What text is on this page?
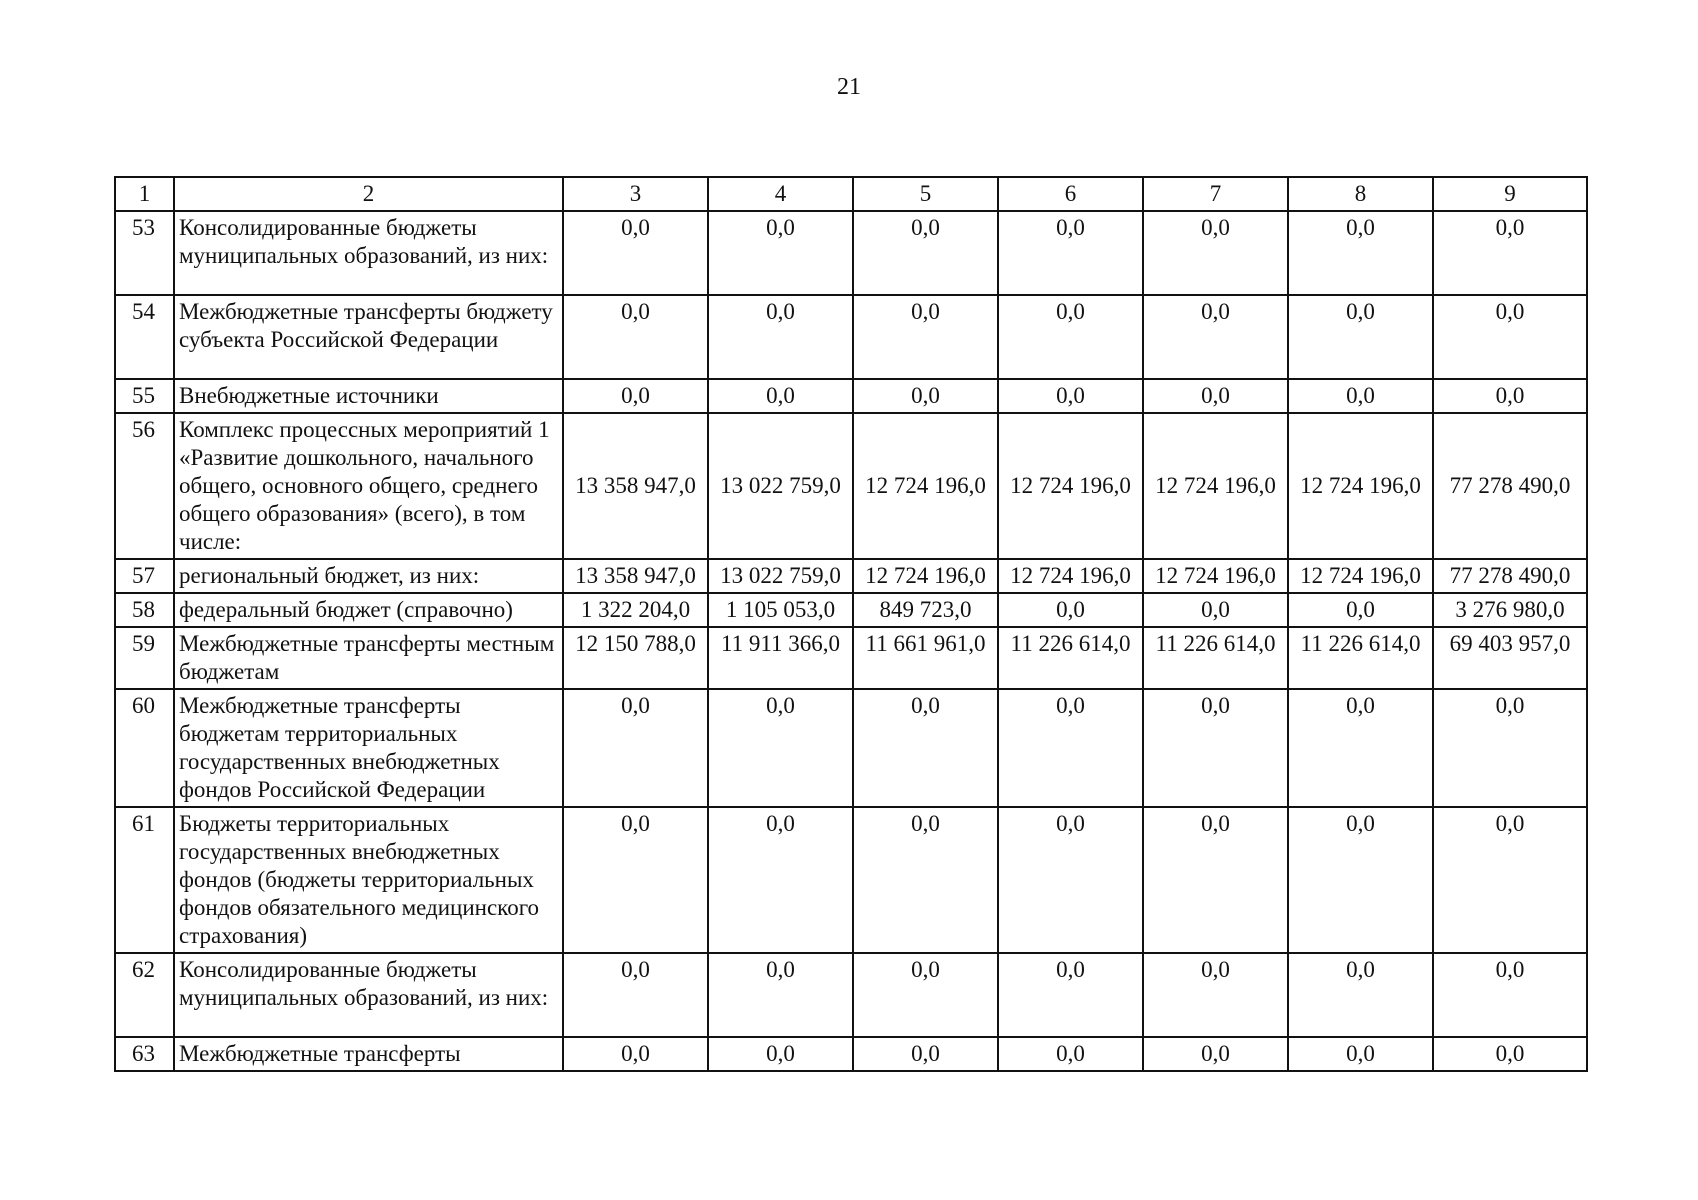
21
1	2	3	4	5	6	7	8	9
53	Консолидированные бюджеты муниципальных образований, из них:	0,0	0,0	0,0	0,0	0,0	0,0	0,0
54	Межбюджетные трансферты бюджету субъекта Российской Федерации	0,0	0,0	0,0	0,0	0,0	0,0	0,0
55	Внебюджетные источники	0,0	0,0	0,0	0,0	0,0	0,0	0,0
56	Комплекс процессных мероприятий 1 «Развитие дошкольного, начального общего, основного общего, среднего общего образования» (всего), в том числе:	13 358 947,0	13 022 759,0	12 724 196,0	12 724 196,0	12 724 196,0	12 724 196,0	77 278 490,0
57	региональный бюджет, из них:	13 358 947,0	13 022 759,0	12 724 196,0	12 724 196,0	12 724 196,0	12 724 196,0	77 278 490,0
58	федеральный бюджет (справочно)	1 322 204,0	1 105 053,0	849 723,0	0,0	0,0	0,0	3 276 980,0
59	Межбюджетные трансферты местным бюджетам	12 150 788,0	11 911 366,0	11 661 961,0	11 226 614,0	11 226 614,0	11 226 614,0	69 403 957,0
60	Межбюджетные трансферты бюджетам территориальных государственных внебюджетных фондов Российской Федерации	0,0	0,0	0,0	0,0	0,0	0,0	0,0
61	Бюджеты территориальных государственных внебюджетных фондов (бюджеты территориальных фондов обязательного медицинского страхования)	0,0	0,0	0,0	0,0	0,0	0,0	0,0
62	Консолидированные бюджеты муниципальных образований, из них:	0,0	0,0	0,0	0,0	0,0	0,0	0,0
63	Межбюджетные трансферты	0,0	0,0	0,0	0,0	0,0	0,0	0,0
